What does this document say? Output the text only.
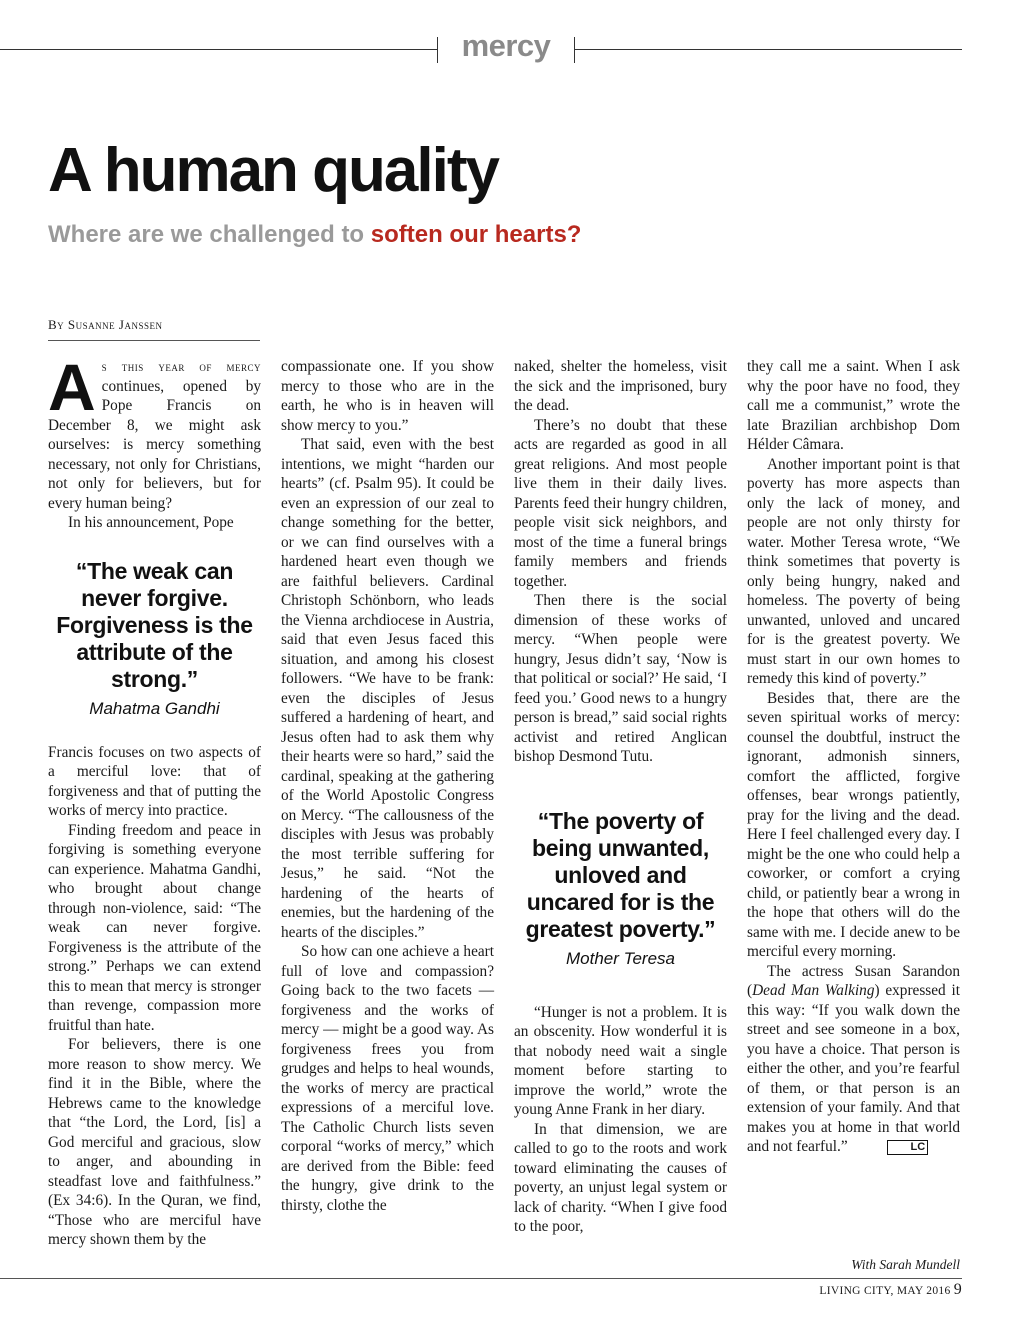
mercy
A human quality
Where are we challenged to soften our hearts?
By Susanne Janssen

A s this year of mercy continues, opened by Pope Francis on December 8, we might ask ourselves: is mercy something necessary, not only for Christians, not only for believers, but for every human being?

In his announcement, Pope

Francis focuses on two aspects of a merciful love: that of forgiveness and that of putting the works of mercy into practice.

Finding freedom and peace in forgiving is something everyone can experience. Mahatma Gandhi, who brought about change through non-violence, said: “The weak can never forgive. Forgiveness is the attribute of the strong.” Perhaps we can extend this to mean that mercy is stronger than revenge, compassion more fruitful than hate.

For believers, there is one more reason to show mercy. We find it in the Bible, where the Hebrews came to the knowledge that “the Lord, the Lord, [is] a God merciful and gracious, slow to anger, and abounding in steadfast love and faithfulness.” (Ex 34:6). In the Quran, we find, “Those who are merciful have mercy shown them by the

“The weak can never forgive. Forgiveness is the attribute of the strong.”
Mahatma Gandhi

compassionate one. If you show mercy to those who are in the earth, he who is in heaven will show mercy to you.”

That said, even with the best intentions, we might “harden our hearts” (cf. Psalm 95). It could be even an expression of our zeal to change something for the better, or we can find ourselves with a hardened heart even though we are faithful believers. Cardinal Christoph Schönborn, who leads the Vienna archdiocese in Austria, said that even Jesus faced this situation, and among his closest followers. “We have to be frank: even the disciples of Jesus suffered a hardening of heart, and Jesus often had to ask them why their hearts were so hard,” said the cardinal, speaking at the gathering of the World Apostolic Congress on Mercy. “The callousness of the disciples with Jesus was probably the most terrible suffering for Jesus,” he said. “Not the hardening of the hearts of enemies, but the hardening of the hearts of the disciples.”

So how can one achieve a heart full of love and compassion? Going back to the two facets — forgiveness and the works of mercy — might be a good way. As forgiveness frees you from grudges and helps to heal wounds, the works of mercy are practical expressions of a merciful love. The Catholic Church lists seven corporal “works of mercy,” which are derived from the Bible: feed the hungry, give drink to the thirsty, clothe the

naked, shelter the homeless, visit the sick and the imprisoned, bury the dead.

There’s no doubt that these acts are regarded as good in all great religions. And most people live them in their daily lives. Parents feed their hungry children, people visit sick neighbors, and most of the time a funeral brings family members and friends together.

Then there is the social dimension of these works of mercy. “When people were hungry, Jesus didn’t say, ‘Now is that political or social?’ He said, ‘I feed you.’ Good news to a hungry person is bread,” said social rights activist and retired Anglican bishop Desmond Tutu.

“Hunger is not a problem. It is an obscenity. How wonderful it is that nobody need wait a single moment before starting to improve the world,” wrote the young Anne Frank in her diary.

In that dimension, we are called to go to the roots and work toward eliminating the causes of poverty, an unjust legal system or lack of charity. “When I give food to the poor,

“The poverty of being unwanted, unloved and uncared for is the greatest poverty.”
Mother Teresa

they call me a saint. When I ask why the poor have no food, they call me a communist,” wrote the late Brazilian archbishop Dom Hélder Câmara.

Another important point is that poverty has more aspects than only the lack of money, and people are not only thirsty for water. Mother Teresa wrote, “We think sometimes that poverty is only being hungry, naked and homeless. The poverty of being unwanted, unloved and uncared for is the greatest poverty. We must start in our own homes to remedy this kind of poverty.”

Besides that, there are the seven spiritual works of mercy: counsel the doubtful, instruct the ignorant, admonish sinners, comfort the afflicted, forgive offenses, bear wrongs patiently, pray for the living and the dead. Here I feel challenged every day. I might be the one who could help a coworker, or comfort a crying child, or patiently bear a wrong in the hope that others will do the same with me. I decide anew to be merciful every morning.

The actress Susan Sarandon (Dead Man Walking) expressed it this way: “If you walk down the street and see someone in a box, you have a choice. That person is either the other, and you’re fearful of them, or that person is an extension of your family. And that makes you at home in that world and not fearful.”	LC

With Sarah Mundell
LIVING CITY, MAY 2016 9
